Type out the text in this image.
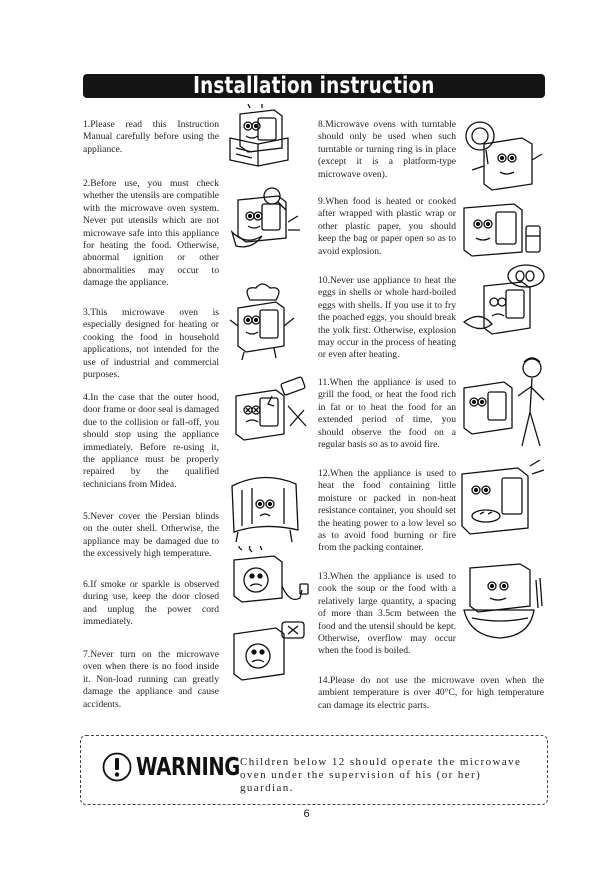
Installation instruction

1.Please read this Instruction Manual carefully before using the appliance.

2.Before use, you must check whether the utensils are compatible with the microwave oven system. Never put utensils which are not microwave safe into this appliance for heating the food. Otherwise, abnormal ignition or other abnormalities may occur to damage the appliance.

3.This microwave oven is especially designed for heating or cooking the food in household applications, not intended for the use of industrial and commercial purposes.

4.In the case that the outer hood, door frame or door seal is damaged due to the collision or fall-off, you should stop using the appliance immediately. Before re-using it, the appliance must be properly repaired by the qualified technicians from Midea.

5.Never cover the Persian blinds on the outer shell. Otherwise, the appliance may be damaged due to the excessively high temperature.

6.If smoke or sparkle is observed during use, keep the door closed and unplug the power cord immediately.

7.Never turn on the microwave oven when there is no food inside it. Non-load running can greatly damage the appliance and cause accidents.

8.Microwave ovens with turntable should only be used when such turntable or turning ring is in place (except it is a platform-type microwave oven).

9.When food is heated or cooked after wrapped with plastic wrap or other plastic paper, you should keep the bag or paper open so as to avoid explosion.

10.Never use appliance to heat the eggs in shells or whole hard-boiled eggs with shells. If you use it to fry the poached eggs, you should break the yolk first. Otherwise, explosion may occur in the process of heating or even after heating.

11.When the appliance is used to grill the food, or heat the food rich in fat or to heat the food for an extended period of time, you should observe the food on a regular basis so as to avoid fire.

12.When the appliance is used to heat the food containing little moisture or packed in non-heat resistance container, you should set the heating power to a low level so as to avoid food burning or fire from the packing container.

13.When the appliance is used to cook the soup or the food with a relatively large quantity, a spacing of more than 3.5cm between the food and the utensil should be kept. Otherwise, overflow may occur when the food is boiled.

14.Please do not use the microwave oven when the ambient temperature is over 40°C, for high temperature can damage its electric parts.

WARNING Children below 12 should operate the microwave oven under the supervision of his (or her) guardian.
6
